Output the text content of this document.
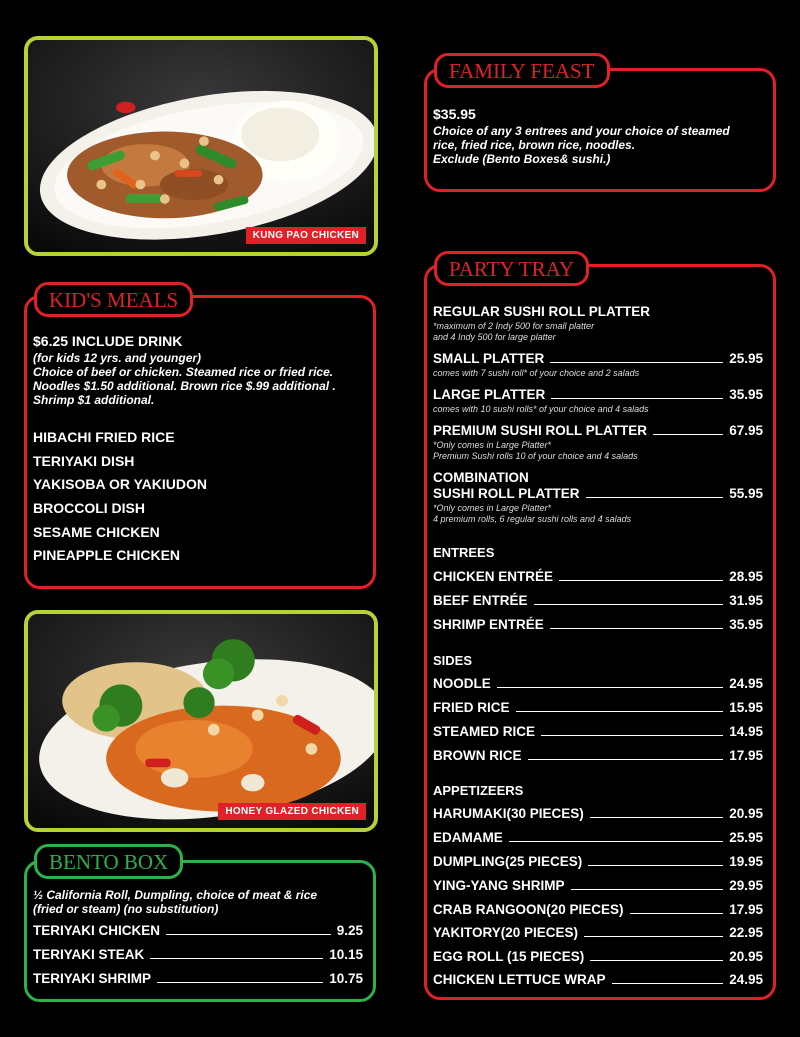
KUNG PAO CHICKEN
HONEY GLAZED CHICKEN
FAMILY FEAST
$35.95
Choice of any 3 entrees and your choice of steamed
rice, fried rice, brown rice, noodles.
Exclude (Bento Boxes& sushi.)
KID'S MEALS
$6.25 INCLUDE DRINK
(for kids 12 yrs. and younger)
Choice of beef or chicken. Steamed rice or fried rice.
Noodles $1.50 additional. Brown rice $.99 additional .
Shrimp $1 additional.
HIBACHI FRIED RICE
TERIYAKI DISH
YAKISOBA OR YAKIUDON
BROCCOLI DISH
SESAME CHICKEN
PINEAPPLE CHICKEN
BENTO BOX
½ California Roll, Dumpling, choice of meat & rice
(fried or steam) (no substitution)
TERIYAKI CHICKEN	9.25
TERIYAKI STEAK	10.15
TERIYAKI SHRIMP	10.75
PARTY TRAY
REGULAR SUSHI ROLL PLATTER
*maximum of 2 Indy 500 for small platter
and 4 Indy 500 for large platter
SMALL PLATTER	25.95
comes with 7 sushi roll* of your choice and 2 salads
LARGE PLATTER	35.95
comes with 10 sushi rolls* of your choice and 4 salads
PREMIUM SUSHI ROLL PLATTER	67.95
*Only comes in Large Platter*
Premium Sushi rolls 10 of your choice and 4 salads
COMBINATION
SUSHI ROLL PLATTER	55.95
*Only comes in Large Platter*
4 premium rolls, 6 regular sushi rolls and 4 salads
ENTREES
CHICKEN ENTRÉE	28.95
BEEF ENTRÉE	31.95
SHRIMP ENTRÉE	35.95
SIDES
NOODLE	24.95
FRIED RICE	15.95
STEAMED RICE	14.95
BROWN RICE	17.95
APPETIZEERS
HARUMAKI(30 PIECES)	20.95
EDAMAME	25.95
DUMPLING(25 PIECES)	19.95
YING-YANG SHRIMP	29.95
CRAB RANGOON(20 PIECES)	17.95
YAKITORY(20 PIECES)	22.95
EGG ROLL (15 PIECES)	20.95
CHICKEN LETTUCE WRAP	24.95
